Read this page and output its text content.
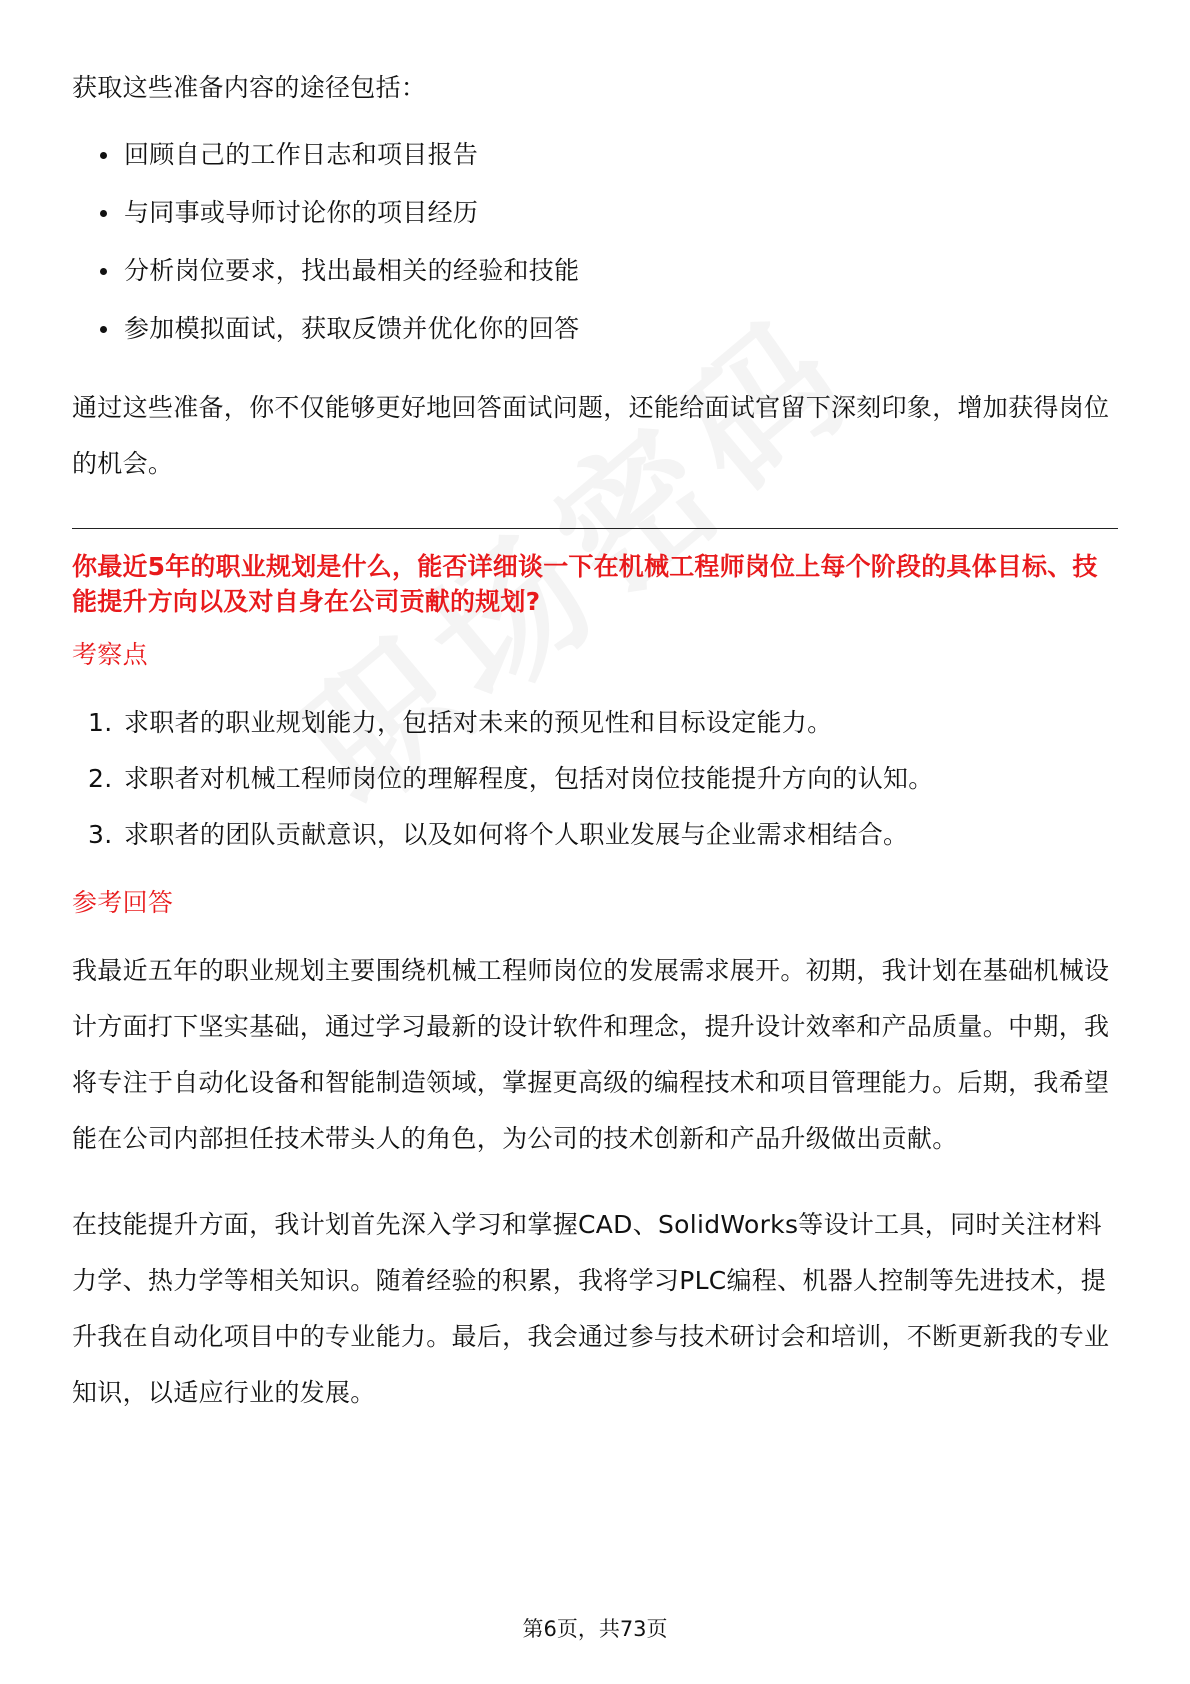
获取这些准备内容的途径包括：

回顾自己的工作日志和项目报告
与同事或导师讨论你的项目经历
分析岗位要求，找出最相关的经验和技能
参加模拟面试，获取反馈并优化你的回答

通过这些准备，你不仅能够更好地回答面试问题，还能给面试官留下深刻印象，增加获得岗位的机会。

你最近5年的职业规划是什么，能否详细谈一下在机械工程师岗位上每个阶段的具体目标、技能提升方向以及对自身在公司贡献的规划?
考察点
1. 求职者的职业规划能力，包括对未来的预见性和目标设定能力。
2. 求职者对机械工程师岗位的理解程度，包括对岗位技能提升方向的认知。
3. 求职者的团队贡献意识，以及如何将个人职业发展与企业需求相结合。
参考回答

我最近五年的职业规划主要围绕机械工程师岗位的发展需求展开。初期，我计划在基础机械设计方面打下坚实基础，通过学习最新的设计软件和理念，提升设计效率和产品质量。中期，我将专注于自动化设备和智能制造领域，掌握更高级的编程技术和项目管理能力。后期，我希望能在公司内部担任技术带头人的角色，为公司的技术创新和产品升级做出贡献。

在技能提升方面，我计划首先深入学习和掌握CAD、SolidWorks等设计工具，同时关注材料力学、热力学等相关知识。随着经验的积累，我将学习PLC编程、机器人控制等先进技术，提升我在自动化项目中的专业能力。最后，我会通过参与技术研讨会和培训，不断更新我的专业知识，以适应行业的发展。

第6页，共73页
